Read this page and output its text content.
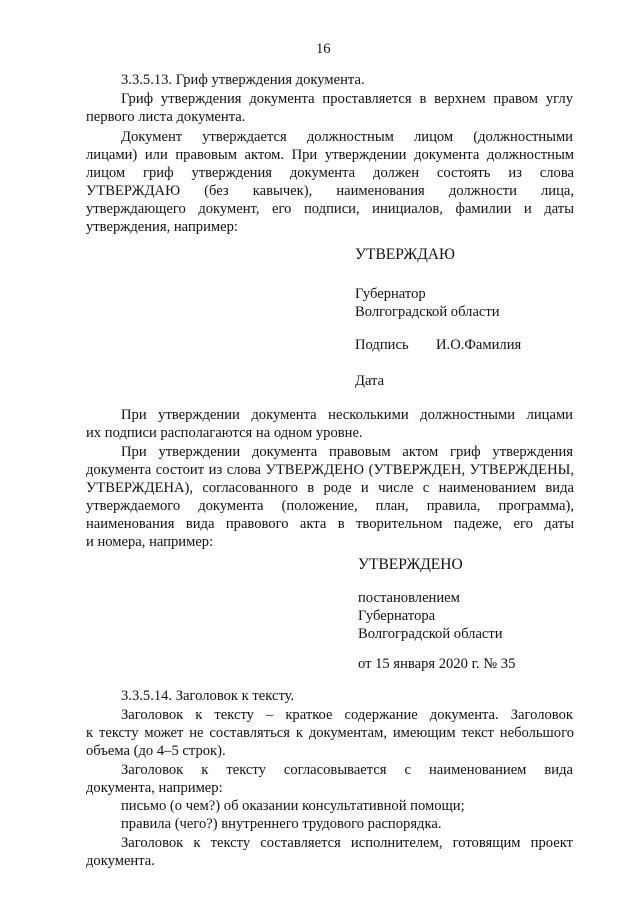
16
3.3.5.13. Гриф утверждения документа.
Гриф утверждения документа проставляется в верхнем правом углу
первого листа документа.
Документ утверждается должностным лицом (должностными
лицами) или правовым актом. При утверждении документа должностным
лицом гриф утверждения документа должен состоять из слова
УТВЕРЖДАЮ (без кавычек), наименования должности лица,
утверждающего документ, его подписи, инициалов, фамилии и даты
утверждения, например:
УТВЕРЖДАЮ
Губернатор
Волгоградской области
Подпись И.О.Фамилия
Дата
При утверждении документа несколькими должностными лицами
их подписи располагаются на одном уровне.
При утверждении документа правовым актом гриф утверждения
документа состоит из слова УТВЕРЖДЕНО (УТВЕРЖДЕН, УТВЕРЖДЕНЫ,
УТВЕРЖДЕНА), согласованного в роде и числе с наименованием вида
утверждаемого документа (положение, план, правила, программа),
наименования вида правового акта в творительном падеже, его даты
и номера, например:
УТВЕРЖДЕНО
постановлением
Губернатора
Волгоградской области
от 15 января 2020 г. № 35
3.3.5.14. Заголовок к тексту.
Заголовок к тексту – краткое содержание документа. Заголовок
к тексту может не составляться к документам, имеющим текст небольшого
объема (до 4–5 строк).
Заголовок к тексту согласовывается с наименованием вида
документа, например:
письмо (о чем?) об оказании консультативной помощи;
правила (чего?) внутреннего трудового распорядка.
Заголовок к тексту составляется исполнителем, готовящим проект
документа.
